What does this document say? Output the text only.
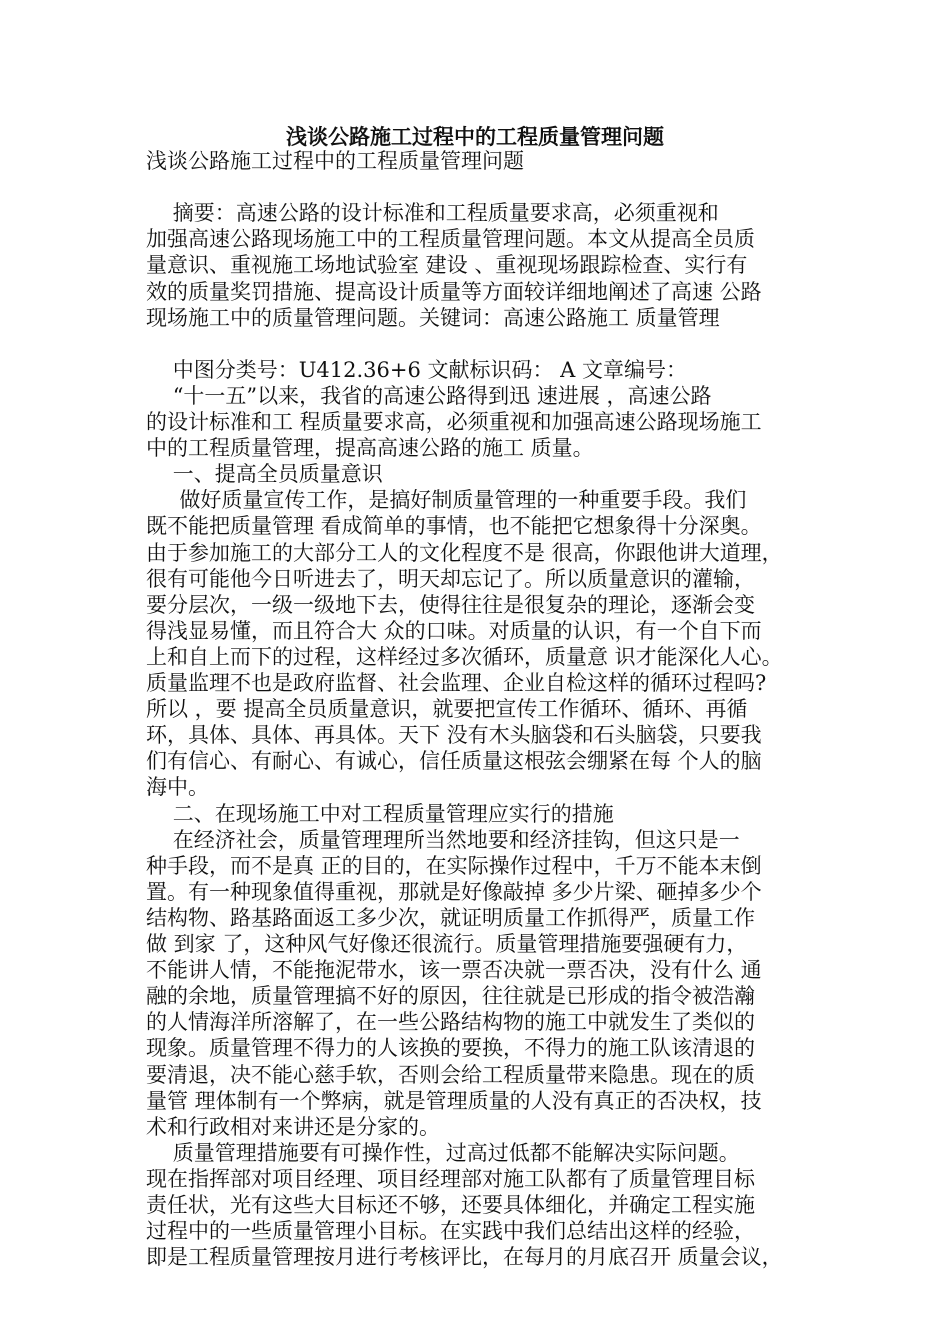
浅谈公路施工过程中的工程质量管理问题
浅谈公路施工过程中的工程质量管理问题
摘要：高速公路的设计标准和工程质量要求高，必须重视和
加强高速公路现场施工中的工程质量管理问题。本文从提高全员质
量意识、重视施工场地试验室 建设 、重视现场跟踪检查、实行有
效的质量奖罚措施、提高设计质量等方面较详细地阐述了高速 公路
现场施工中的质量管理问题。关键词：高速公路施工 质量管理
中图分类号：U412.36+6 文献标识码： A 文章编号：
“十一五”以来，我省的高速公路得到迅 速进展 ，高速公路
的设计标准和工 程质量要求高，必须重视和加强高速公路现场施工
中的工程质量管理，提高高速公路的施工 质量。
一、提高全员质量意识
做好质量宣传工作，是搞好制质量管理的一种重要手段。我们
既不能把质量管理 看成简单的事情，也不能把它想象得十分深奥。
由于参加施工的大部分工人的文化程度不是 很高，你跟他讲大道理，
很有可能他今日听进去了，明天却忘记了。所以质量意识的灌输，
要分层次，一级一级地下去，使得往往是很复杂的理论，逐渐会变
得浅显易懂，而且符合大 众的口味。对质量的认识，有一个自下而
上和自上而下的过程，这样经过多次循环，质量意 识才能深化人心。
质量监理不也是政府监督、社会监理、企业自检这样的循环过程吗?
所以 ，要 提高全员质量意识，就要把宣传工作循环、循环、再循
环，具体、具体、再具体。天下 没有木头脑袋和石头脑袋，只要我
们有信心、有耐心、有诚心，信任质量这根弦会绷紧在每 个人的脑
海中。
二、在现场施工中对工程质量管理应实行的措施
在经济社会，质量管理理所当然地要和经济挂钩，但这只是一
种手段，而不是真 正的目的，在实际操作过程中，千万不能本末倒
置。有一种现象值得重视，那就是好像敲掉 多少片梁、砸掉多少个
结构物、路基路面返工多少次，就证明质量工作抓得严，质量工作
做 到家 了，这种风气好像还很流行。质量管理措施要强硬有力，
不能讲人情，不能拖泥带水，该一票否决就一票否决，没有什么 通
融的余地，质量管理搞不好的原因，往往就是已形成的指令被浩瀚
的人情海洋所溶解了，在一些公路结构物的施工中就发生了类似的
现象。质量管理不得力的人该换的要换，不得力的施工队该清退的
要清退，决不能心慈手软，否则会给工程质量带来隐患。现在的质
量管 理体制有一个弊病，就是管理质量的人没有真正的否决权，技
术和行政相对来讲还是分家的。
质量管理措施要有可操作性，过高过低都不能解决实际问题。
现在指挥部对项目经理、项目经理部对施工队都有了质量管理目标
责任状，光有这些大目标还不够，还要具体细化，并确定工程实施
过程中的一些质量管理小目标。在实践中我们总结出这样的经验，
即是工程质量管理按月进行考核评比，在每月的月底召开 质量会议，
